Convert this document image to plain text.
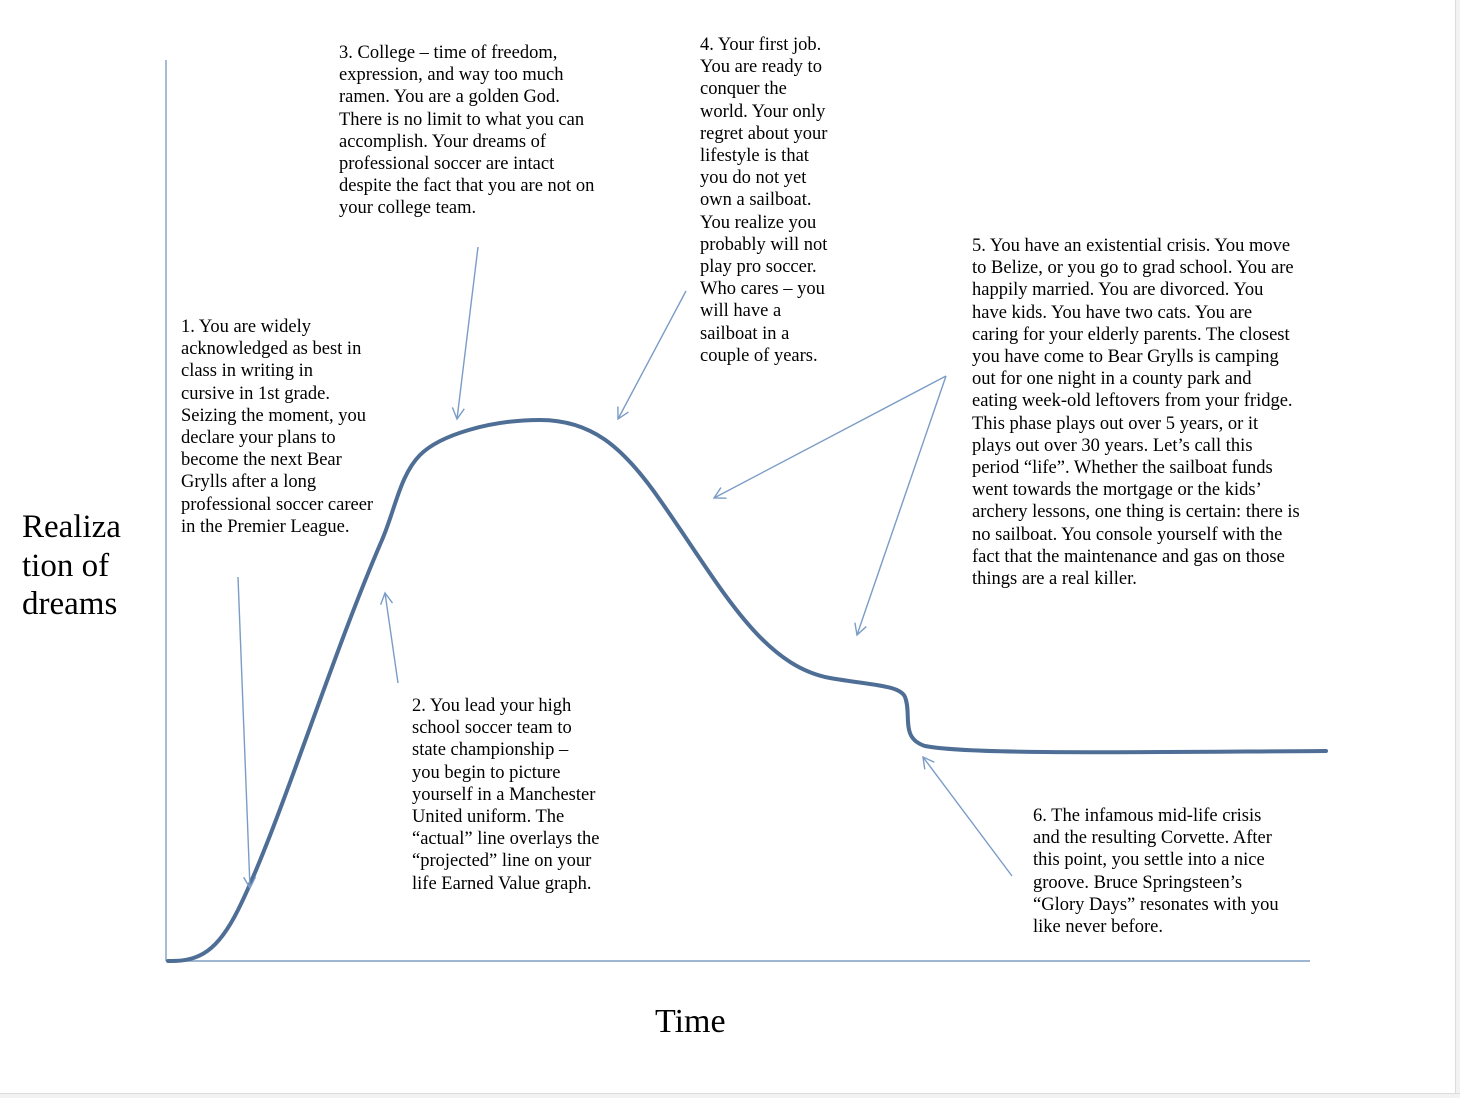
Realiza
tion of
dreams
Time
1. You are widely
acknowledged as best in
class in writing in
cursive in 1st grade.
Seizing the moment, you
declare your plans to
become the next Bear
Grylls after a long
professional soccer career
in the Premier League.
2. You lead your high
school soccer team to
state championship –
you begin to picture
yourself in a Manchester
United uniform. The
“actual” line overlays the
“projected” line on your
life Earned Value graph.
3. College – time of freedom,
expression, and way too much
ramen. You are a golden God.
There is no limit to what you can
accomplish. Your dreams of
professional soccer are intact
despite the fact that you are not on
your college team.
4. Your first job.
You are ready to
conquer the
world. Your only
regret about your
lifestyle is that
you do not yet
own a sailboat.
You realize you
probably will not
play pro soccer.
Who cares – you
will have a
sailboat in a
couple of years.
5. You have an existential crisis. You move
to Belize, or you go to grad school. You are
happily married. You are divorced. You
have kids. You have two cats. You are
caring for your elderly parents. The closest
you have come to Bear Grylls is camping
out for one night in a county park and
eating week-old leftovers from your fridge.
This phase plays out over 5 years, or it
plays out over 30 years. Let’s call this
period “life”. Whether the sailboat funds
went towards the mortgage or the kids’
archery lessons, one thing is certain: there is
no sailboat. You console yourself with the
fact that the maintenance and gas on those
things are a real killer.
6. The infamous mid-life crisis
and the resulting Corvette. After
this point, you settle into a nice
groove. Bruce Springsteen’s
“Glory Days” resonates with you
like never before.
